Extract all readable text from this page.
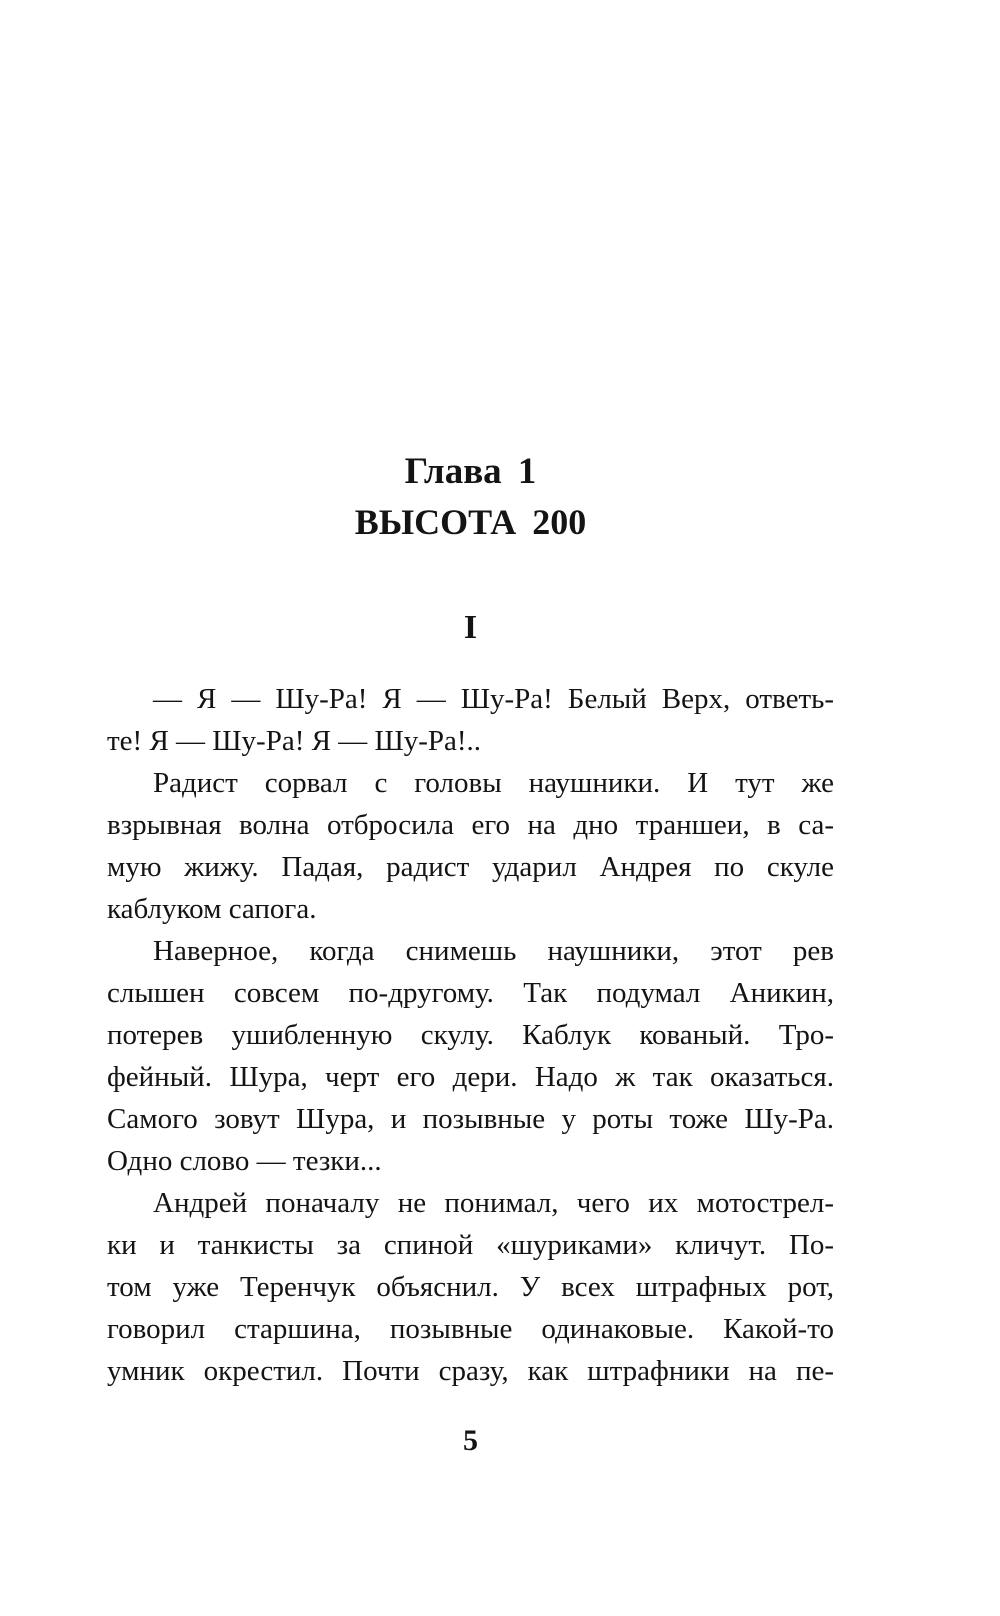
Глава 1
ВЫСОТА 200
I
— Я — Шу-Ра! Я — Шу-Ра! Белый Верх, ответь-
те! Я — Шу-Ра! Я — Шу-Ра!..
Радист сорвал с головы наушники. И тут же
взрывная волна отбросила его на дно траншеи, в са-
мую жижу. Падая, радист ударил Андрея по скуле
каблуком сапога.
Наверное, когда снимешь наушники, этот рев
слышен совсем по-другому. Так подумал Аникин,
потерев ушибленную скулу. Каблук кованый. Тро-
фейный. Шура, черт его дери. Надо ж так оказаться.
Самого зовут Шура, и позывные у роты тоже Шу-Ра.
Одно слово — тезки...
Андрей поначалу не понимал, чего их мотострел-
ки и танкисты за спиной «шуриками» кличут. По-
том уже Теренчук объяснил. У всех штрафных рот,
говорил старшина, позывные одинаковые. Какой-то
умник окрестил. Почти сразу, как штрафники на пе-
5
